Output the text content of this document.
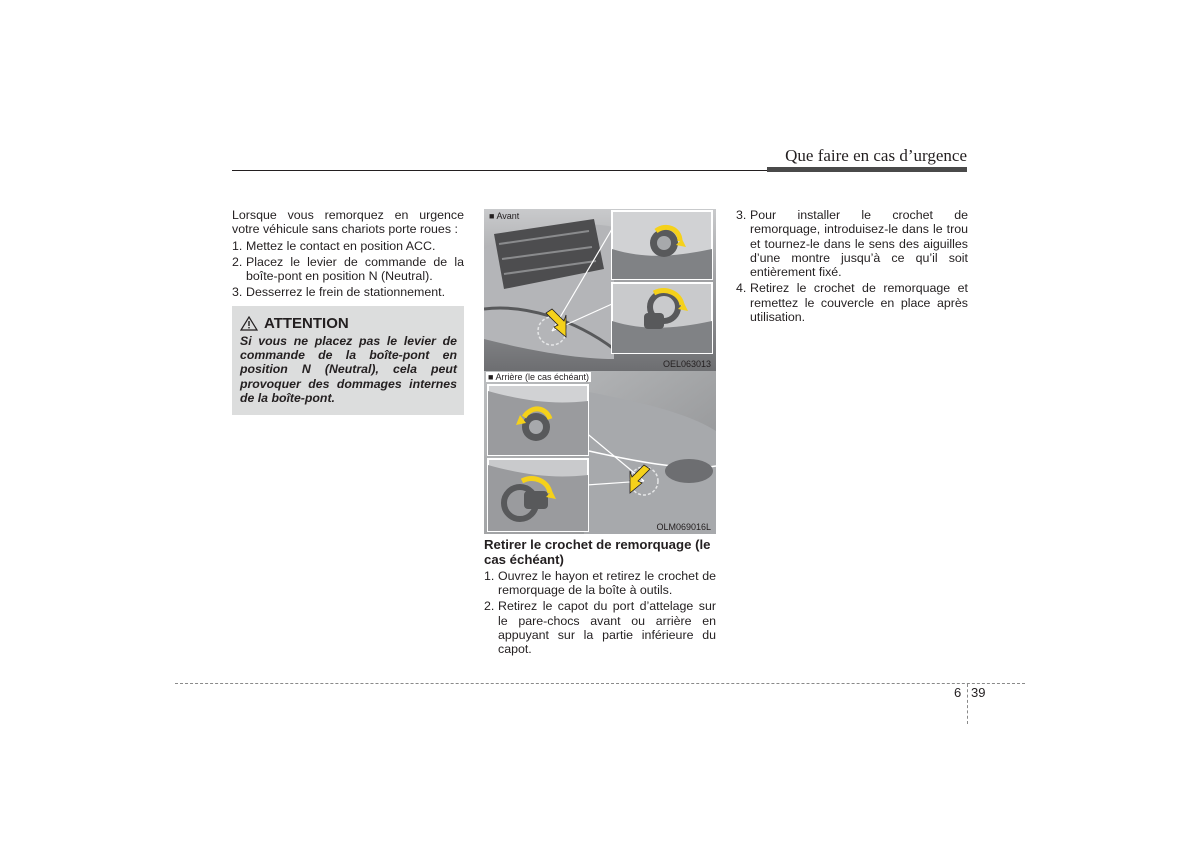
Que faire en cas d’urgence

Lorsque vous remorquez en urgence votre véhicule sans chariots porte roues :

1. Mettez le contact en position ACC.
2. Placez le levier de commande de la boîte-pont en position N (Neutral).
3. Desserrez le frein de stationnement.
ATTENTION
Si vous ne placez pas le levier de commande de la boîte-pont en position N (Neutral), cela peut provoquer des dommages internes de la boîte-pont.
■ Avant
OEL063013
■ Arrière (le cas échéant)
OLM069016L

Retirer le crochet de remorquage (le cas échéant)

1. Ouvrez le hayon et retirez le crochet de remorquage de la boîte à outils.
2. Retirez le capot du port d’attelage sur le pare-chocs avant ou arrière en appuyant sur la partie inférieure du capot.
3. Pour installer le crochet de remorquage, introduisez-le dans le trou et tournez-le dans le sens des aiguilles d’une montre jusqu’à ce qu’il soit entièrement fixé.
4. Retirez le crochet de remorquage et remettez le couvercle en place après utilisation.
6 39
